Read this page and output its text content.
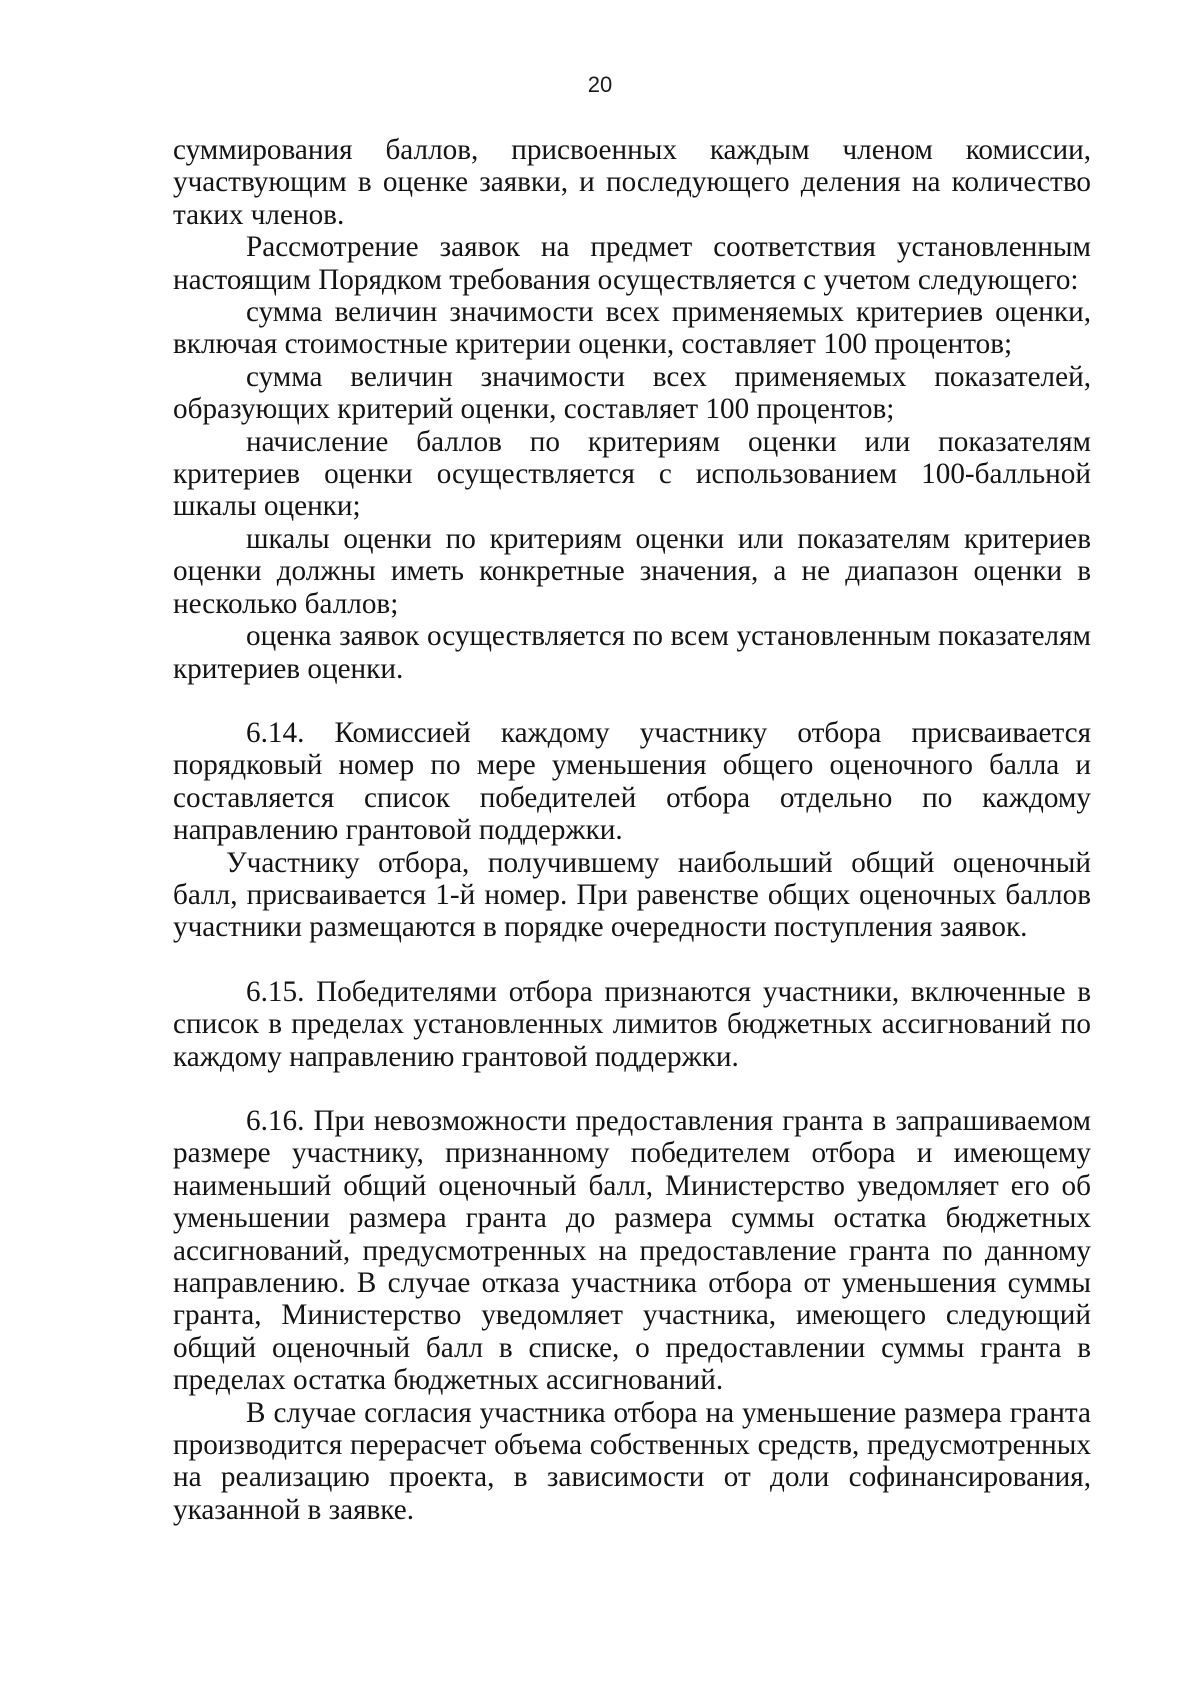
20

суммирования баллов, присвоенных каждым членом комиссии, участвующим в оценке заявки, и последующего деления на количество таких членов.

Рассмотрение заявок на предмет соответствия установленным настоящим Порядком требования осуществляется с учетом следующего:

сумма величин значимости всех применяемых критериев оценки, включая стоимостные критерии оценки, составляет 100 процентов;

сумма величин значимости всех применяемых показателей, образующих критерий оценки, составляет 100 процентов;

начисление баллов по критериям оценки или показателям критериев оценки осуществляется с использованием 100-балльной шкалы оценки;

шкалы оценки по критериям оценки или показателям критериев оценки должны иметь конкретные значения, а не диапазон оценки в несколько баллов;

оценка заявок осуществляется по всем установленным показателям критериев оценки.

6.14. Комиссией каждому участнику отбора присваивается порядковый номер по мере уменьшения общего оценочного балла и составляется список победителей отбора отдельно по каждому направлению грантовой поддержки.

Участнику отбора, получившему наибольший общий оценочный балл, присваивается 1-й номер. При равенстве общих оценочных баллов участники размещаются в порядке очередности поступления заявок.

6.15. Победителями отбора признаются участники, включенные в список в пределах установленных лимитов бюджетных ассигнований по каждому направлению грантовой поддержки.

6.16. При невозможности предоставления гранта в запрашиваемом размере участнику, признанному победителем отбора и имеющему наименьший общий оценочный балл, Министерство уведомляет его об уменьшении размера гранта до размера суммы остатка бюджетных ассигнований, предусмотренных на предоставление гранта по данному направлению. В случае отказа участника отбора от уменьшения суммы гранта, Министерство уведомляет участника, имеющего следующий общий оценочный балл в списке, о предоставлении суммы гранта в пределах остатка бюджетных ассигнований.

В случае согласия участника отбора на уменьшение размера гранта производится перерасчет объема собственных средств, предусмотренных на реализацию проекта, в зависимости от доли софинансирования, указанной в заявке.
